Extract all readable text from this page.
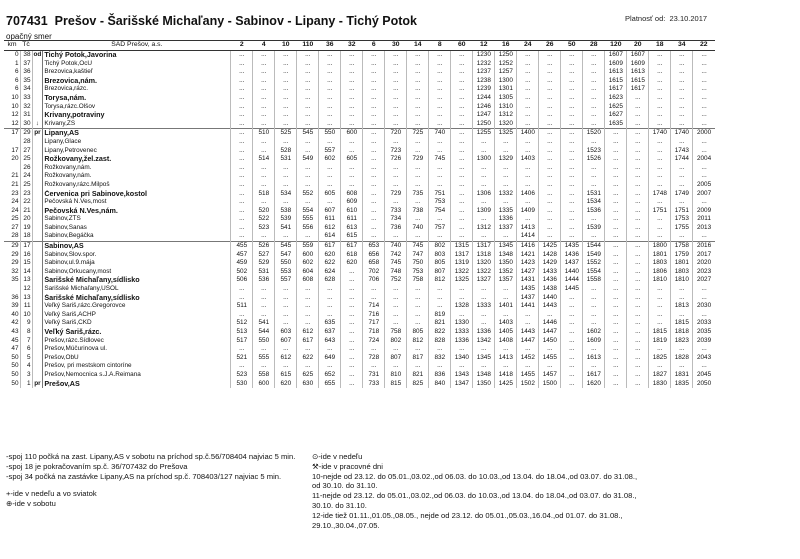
707431 Prešov - Šarišské Michaľany - Sabinov - Lipany - Tichý Potok	Platnosť od: 23.10.2017
opačný smer
km	Tč		SAD Prešov, a.s.	2	4	10	110	36	32	6	30	14	8	60	12	16	24	26	50	28	120	20	18	34	22
0	38	od	Tichý Potok,Javorina	...	...	...	...	...	...	...	...	...	...	...	1230	1250	...	...	...	...	1607	1607	...	...	...
1	37		Tichý Potok,OcÚ	...	...	...	...	...	...	...	...	...	...	...	1232	1252	...	...	...	...	1609	1609	...	...	...
6	36		Brezovica,kaštieľ	...	...	...	...	...	...	...	...	...	...	...	1237	1257	...	...	...	...	1613	1613	...	...	...
6	35		Brezovica,nám.	...	...	...	...	...	...	...	...	...	...	...	1238	1300	...	...	...	...	1615	1615	...	...	...
6	34		Brezovica,rázc.	...	...	...	...	...	...	...	...	...	...	...	1239	1301	...	...	...	...	1617	1617	...	...	...
10	33		Torysa,nám.	...	...	...	...	...	...	...	...	...	...	...	1244	1305	...	...	...	...	1623	...	...	...	...
10	32		Torysa,rázc.Olšov	...	...	...	...	...	...	...	...	...	...	...	1246	1310	...	...	...	...	1625	...	...	...	...
12	31		Krivany,potraviny	...	...	...	...	...	...	...	...	...	...	...	1247	1312	...	...	...	...	1627	...	...	...	...
12	30	↓	Krivany,ZŠ	...	...	...	...	...	...	...	...	...	...	...	1250	1320	...	...	...	...	1635	...	...	...	...
17	29	pr	Lipany,AS	...	510	525	545	550	600	...	720	725	740	...	1255	1325	1400	...	...	1520	...	...	1740	1740	2000
	28		Lipany,Glace	...	...	...	...	...	...	...	...	...	...	...	...	...	...	...	...	...	...	...	...	...	...
17	27		Lipany,Petrovenec	...	...	528	...	557	...	...	723	...	...	...	...	...	...	...	...	1523	...	...	...	1743	...
20	25		Rožkovany,žel.zast.	...	514	531	549	602	605	...	726	729	745	...	1300	1329	1403	...	...	1526	...	...	...	1744	2004
	26		Rožkovany,nám.	...	...	...	...	...	...	...	...	...	...	...	...	...	...	...	...	...	...	...	...	...	...
21	24		Rožkovany,nám.	...	...	...	...	...	...	...	...	...	...	...	...	...	...	...	...	...	...	...	...	...	...
21	25		Rožkovany,rázc.Milpoš	...	...	...	...	...	...	...	...	...	...	...	...	...	...	...	...	...	...	...	...	...	2005
23	23		Červenica pri Sabinove,kostol	...	518	534	552	605	608	...	729	735	751	...	1306	1332	1406	...	...	1531	...	...	1748	1749	2007
24	22		Pečovská N.Ves,most	...	...	...	...	...	609	...	...	...	753	...	...	...	...	...	...	1534	...	...	...	...	...
24	21		Pečovská N.Ves,nám.	...	520	538	554	607	610	...	733	738	754	...	1309	1335	1409	...	...	1536	...	...	1751	1751	2009
25	20		Sabinov,ZŤS	...	522	539	555	611	611	...	734	...	...	...	...	1336	...	...	...	...	...	...	...	1753	2011
27	19		Sabinov,Sanas	...	523	541	556	612	613	...	736	740	757	...	1312	1337	1413	...	...	1539	...	...	...	1755	2013
28	18		Sabinov,Begáčka	...	...	...	...	614	615	...	...	...	...	...	...	...	1414	...	...	...	...	...	...	...	...
29	17		Sabinov,AS	455	526	545	559	617	617	653	740	745	802	1315	1317	1345	1416	1425	1435	1544	...	...	1800	1758	2016
29	16		Sabinov,Slov.spor.	457	527	547	600	620	618	656	742	747	803	1317	1318	1348	1421	1428	1436	1549	...	...	1801	1759	2017
29	15		Sabinov,ul.9.mája	459	529	550	602	622	620	658	745	750	805	1319	1320	1350	1423	1429	1437	1552	...	...	1803	1801	2020
32	14		Sabinov,Orkucany,most	502	531	553	604	624	...	702	748	753	807	1322	1322	1352	1427	1433	1440	1554	...	...	1806	1803	2023
35	13		Šarišské Michaľany,sídlisko	506	536	557	608	628	...	706	752	758	812	1325	1327	1357	1431	1436	1444	1558	...	...	1810	1810	2027
	12		Šarišské Michaľany,USOL	...	...	...	...	...	...	...	...	...	...	...	...	...	1435	1438	1445	...	...	...	...	...	...
36	13		Šarišské Michaľany,sídlisko	...	...	...	...	...	...	...	...	...	...	...	...	...	1437	1440	...	...	...	...	...	...	...
39	11		Veľký Šariš,rázc.Gregorovce	511	...	...	...	...	...	714	...	...	...	1328	1333	1401	1441	1443	...	...	...	...	...	1813	2030
40	10		Veľký Šariš,ACHP	...	...	...	...	...	...	716	...	...	819	...	...	...	...	...	...	...	...	...	...	...	...
42	9		Veľký Šariš,CKD	512	541	...	...	635	...	717	...	...	821	1330	...	1403	...	1446	...	...	...	...	...	1815	2033
43	8		Veľký Šariš,rázc.	513	544	603	612	637	...	718	758	805	822	1333	1336	1405	1443	1447	...	1602	...	...	1815	1818	2035
45	7		Prešov,rázc.Sídlovec	517	550	607	617	643	...	724	802	812	828	1336	1342	1408	1447	1450	...	1609	...	...	1819	1823	2039
47	6		Prešov,Múčurinova ul.	...	...	...	...	...	...	...	...	...	...	...	...	...	...	...	...	...	...	...	...	...	...
50	5		Prešov,ObÚ	521	555	612	622	649	...	728	807	817	832	1340	1345	1413	1452	1455	...	1613	...	...	1825	1828	2043
50	4		Prešov, pri mestskom cintoríne	...	...	...	...	...	...	...	...	...	...	...	...	...	...	...	...	...	...	...	...	...	...
50	3		Prešov,Nemocnica s.J.A.Reimana	523	558	615	625	652	...	731	810	821	836	1343	1348	1418	1455	1457	...	1617	...	...	1827	1831	2045
50	1	pr	Prešov,AS	530	600	620	630	655	...	733	815	825	840	1347	1350	1425	1502	1500	...	1620	...	...	1830	1835	2050
-spoj 110 počká na zast. Lipany,AS v sobotu na príchod sp.č.56/708404 najviac 5 min.
-spoj 18 je pokračovaním sp.č. 36/707432 do Prešova
-spoj 34 počká na zastávke Lipany,AS na príchod sp.č. 708403/127 najviac 5 min.
+-ide v nedeľu a vo sviatok
⊕-ide v sobotu
⊙-ide v nedeľu
⚒-ide v pracovné dni
10-nejde od 23.12. do 05.01.,03.02.,od 06.03. do 10.03.,od 13.04. do 18.04.,od 03.07. do 31.08.,
od 30.10. do 31.10.
11-nejde od 23.12. do 05.01.,03.02.,od 06.03. do 10.03.,od 13.04. do 18.04.,od 03.07. do 31.08.,
30.10. do 31.10.
12-ide tiež 01.11.,01.05.,08.05., nejde od 23.12. do 05.01.,05.03.,16.04.,od 01.07. do 31.08.,
29.10.,30.04.,07.05.
